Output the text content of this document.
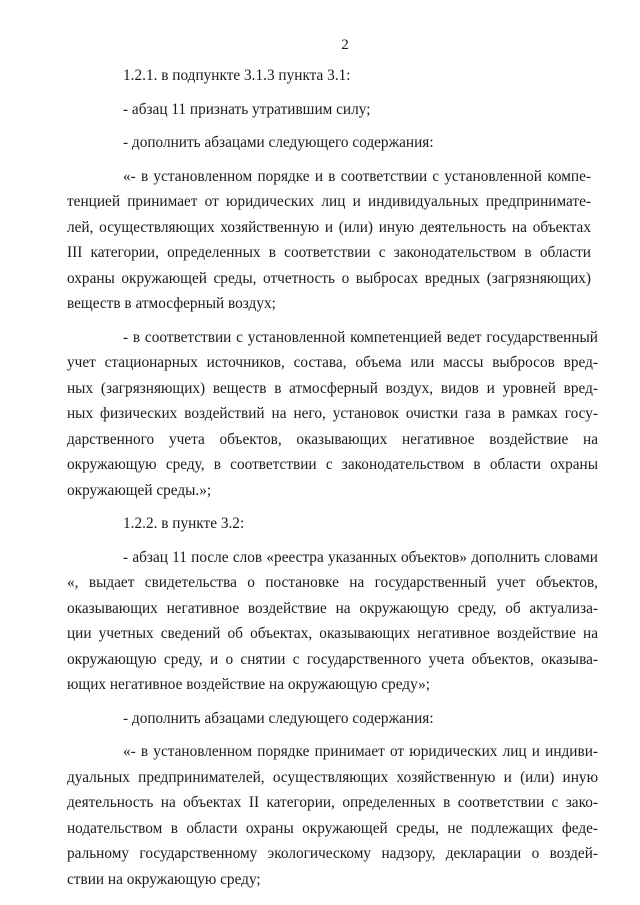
2

1.2.1. в подпункте 3.1.3 пункта 3.1:

- абзац 11 признать утратившим силу;

- дополнить абзацами следующего содержания:

«- в установленном порядке и в соответствии с установленной компе-
тенцией принимает от юридических лиц и индивидуальных предпринимате-
лей, осуществляющих хозяйственную и (или) иную деятельность на объектах
III категории, определенных в соответствии с законодательством в области
охраны окружающей среды, отчетность о выбросах вредных (загрязняющих)
веществ в атмосферный воздух;

- в соответствии с установленной компетенцией ведет государственный
учет стационарных источников, состава, объема или массы выбросов вред-
ных (загрязняющих) веществ в атмосферный воздух, видов и уровней вред-
ных физических воздействий на него, установок очистки газа в рамках госу-
дарственного учета объектов, оказывающих негативное воздействие на
окружающую среду, в соответствии с законодательством в области охраны
окружающей среды.»;

1.2.2. в пункте 3.2:

- абзац 11 после слов «реестра указанных объектов» дополнить словами
«, выдает свидетельства о постановке на государственный учет объектов,
оказывающих негативное воздействие на окружающую среду, об актуализа-
ции учетных сведений об объектах, оказывающих негативное воздействие на
окружающую среду, и о снятии с государственного учета объектов, оказыва-
ющих негативное воздействие на окружающую среду»;

- дополнить абзацами следующего содержания:

«- в установленном порядке принимает от юридических лиц и индиви-
дуальных предпринимателей, осуществляющих хозяйственную и (или) иную
деятельность на объектах II категории, определенных в соответствии с зако-
нодательством в области охраны окружающей среды, не подлежащих феде-
ральному государственному экологическому надзору, декларации о воздей-
ствии на окружающую среду;
